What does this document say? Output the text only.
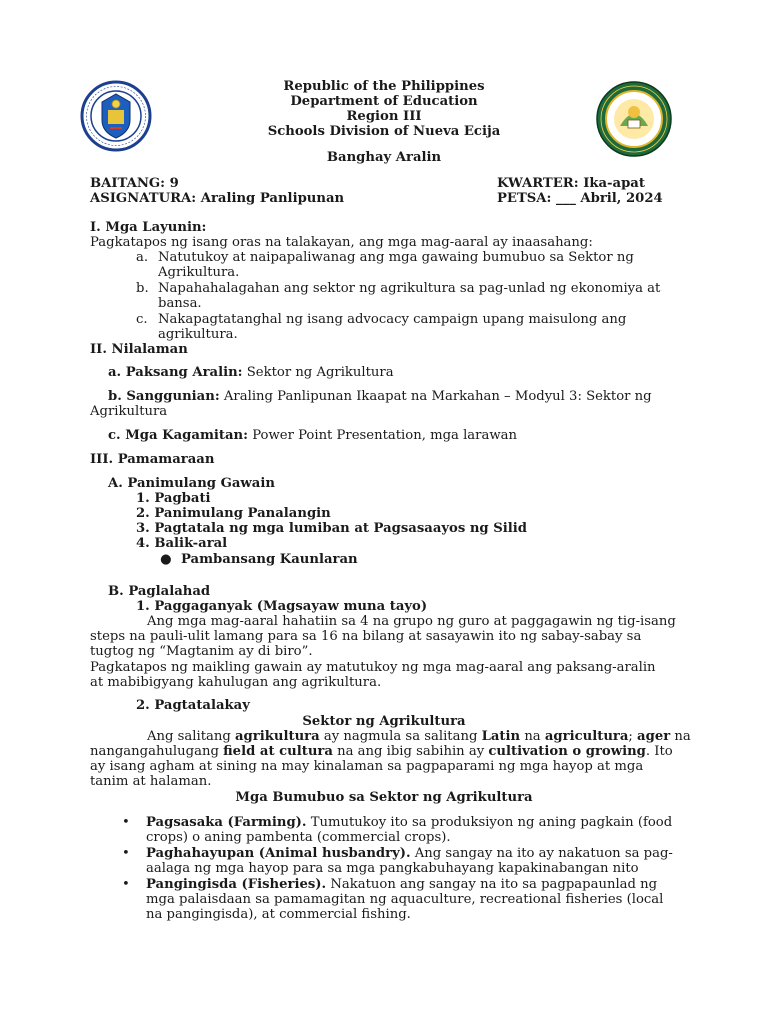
Republic of the Philippines
Department of Education
Region III
Schools Division of Nueva Ecija
Banghay Aralin
BAITANG: 9
ASIGNATURA: Araling Panlipunan
KWARTER: Ika-apat
PETSA: ___ Abril, 2024
I. Mga Layunin:
Pagkatapos ng isang oras na talakayan, ang mga mag-aaral ay inaasahang:
a. Natutukoy at naipapaliwanag ang mga gawaing bumubuo sa Sektor ng
Agrikultura.
b. Napahahalagahan ang sektor ng agrikultura sa pag-unlad ng ekonomiya at
bansa.
c. Nakapagtatanghal ng isang advocacy campaign upang maisulong ang
agrikultura.
II. Nilalaman
a. Paksang Aralin: Sektor ng Agrikultura
b. Sanggunian: Araling Panlipunan Ikaapat na Markahan – Modyul 3: Sektor ng
Agrikultura
c. Mga Kagamitan: Power Point Presentation, mga larawan
III. Pamamaraan
A. Panimulang Gawain
1. Pagbati
2. Panimulang Panalangin
3. Pagtatala ng mga lumiban at Pagsasaayos ng Silid
4. Balik-aral
● Pambansang Kaunlaran
B. Paglalahad
1. Paggaganyak (Magsayaw muna tayo)
Ang mga mag-aaral hahatiin sa 4 na grupo ng guro at paggagawin ng tig-isang
steps na pauli-ulit lamang para sa 16 na bilang at sasayawin ito ng sabay-sabay sa
tugtog ng “Magtanim ay di biro”.
Pagkatapos ng maikling gawain ay matutukoy ng mga mag-aaral ang paksang-aralin
at mabibigyang kahulugan ang agrikultura.
2. Pagtatalakay
Sektor ng Agrikultura
Ang salitang agrikultura ay nagmula sa salitang Latin na agricultura; ager na
nangangahulugang field at cultura na ang ibig sabihin ay cultivation o growing. Ito
ay isang agham at sining na may kinalaman sa pagpaparami ng mga hayop at mga
tanim at halaman.
Mga Bumubuo sa Sektor ng Agrikultura
• Pagsasaka (Farming). Tumutukoy ito sa produksiyon ng aning pagkain (food
crops) o aning pambenta (commercial crops).
• Paghahayupan (Animal husbandry). Ang sangay na ito ay nakatuon sa pag-
aalaga ng mga hayop para sa mga pangkabuhayang kapakinabangan nito
• Pangingisda (Fisheries). Nakatuon ang sangay na ito sa pagpapaunlad ng
mga palaisdaan sa pamamagitan ng aquaculture, recreational fisheries (local
na pangingisda), at commercial fishing.
